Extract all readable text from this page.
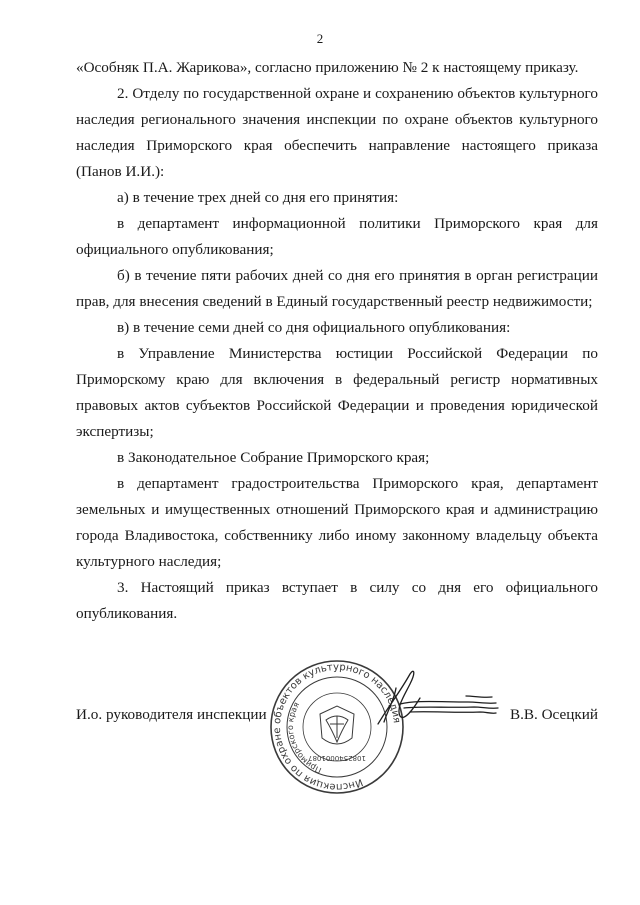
2

«Особняк П.А. Жарикова», согласно приложению № 2 к настоящему приказу.

2. Отделу по государственной охране и сохранению объектов культурного наследия регионального значения инспекции по охране объектов культурного наследия Приморского края обеспечить направление настоящего приказа (Панов И.И.):

а) в течение трех дней со дня его принятия:

в департамент информационной политики Приморского края для официального опубликования;

б) в течение пяти рабочих дней со дня его принятия в орган регистрации прав, для внесения сведений в Единый государственный реестр недвижимости;

в) в течение семи дней со дня официального опубликования:

в Управление Министерства юстиции Российской Федерации по Приморскому краю для включения в федеральный регистр нормативных правовых актов субъектов Российской Федерации и проведения юридической экспертизы;

в Законодательное Собрание Приморского края;

в департамент градостроительства Приморского края, департамент земельных и имущественных отношений Приморского края и администрацию города Владивостока, собственнику либо иному законному владельцу объекта культурного наследия;

3. Настоящий приказ вступает в силу со дня его официального опубликования.

И.о. руководителя инспекции	В.В. Осецкий
Инспекция по охране объектов культурного наследия
Приморского края
1082540001087
